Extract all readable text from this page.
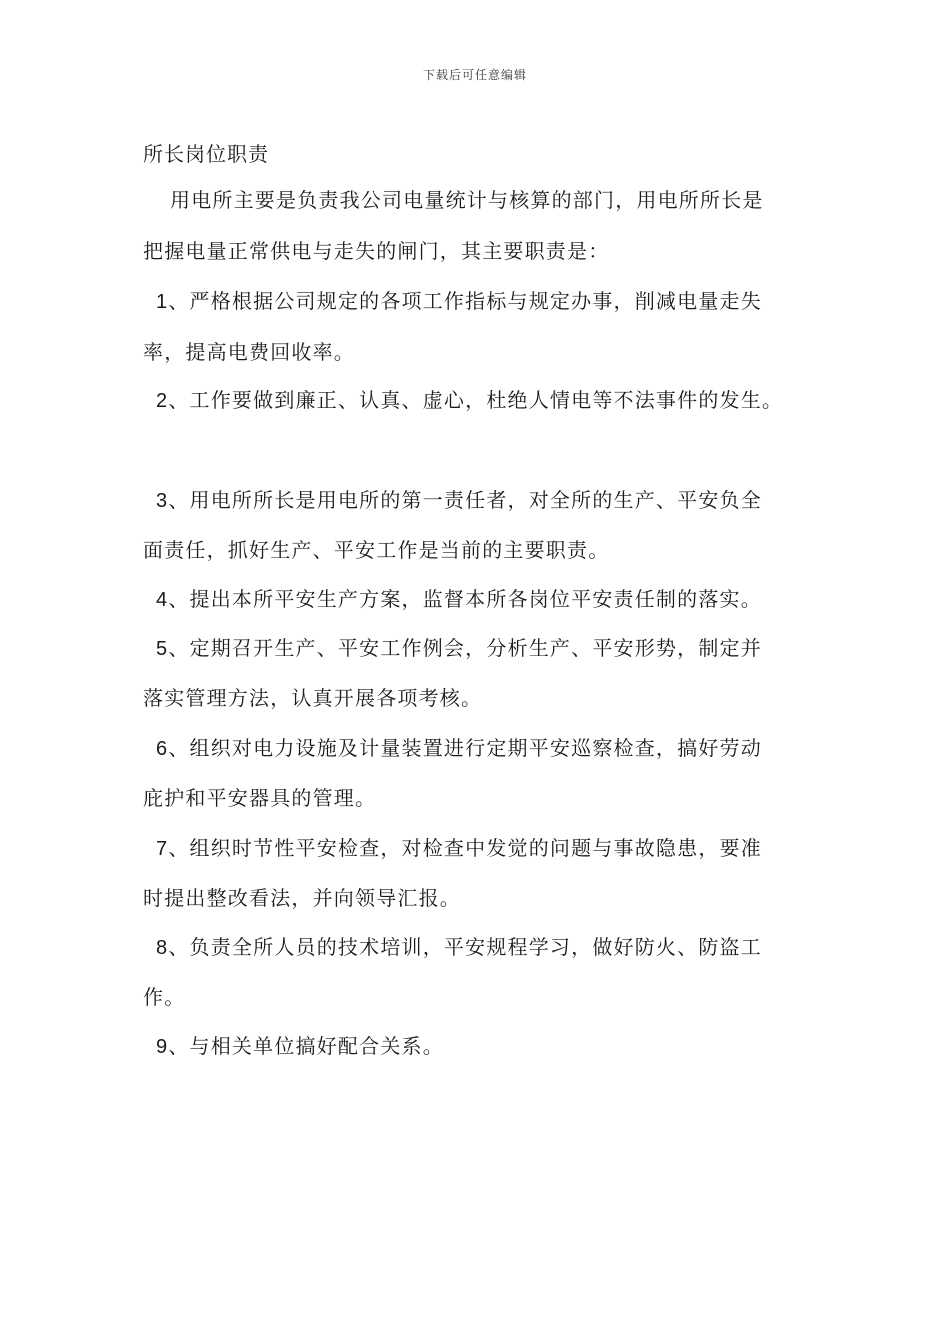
下载后可任意编辑
所长岗位职责
用电所主要是负责我公司电量统计与核算的部门，用电所所长是
把握电量正常供电与走失的闸门，其主要职责是：
1、严格根据公司规定的各项工作指标与规定办事，削减电量走失
率，提高电费回收率。
2、工作要做到廉正、认真、虚心，杜绝人情电等不法事件的发生。
3、用电所所长是用电所的第一责任者，对全所的生产、平安负全
面责任，抓好生产、平安工作是当前的主要职责。
4、提出本所平安生产方案，监督本所各岗位平安责任制的落实。
5、定期召开生产、平安工作例会，分析生产、平安形势，制定并
落实管理方法，认真开展各项考核。
6、组织对电力设施及计量装置进行定期平安巡察检查，搞好劳动
庇护和平安器具的管理。
7、组织时节性平安检查，对检查中发觉的问题与事故隐患，要准
时提出整改看法，并向领导汇报。
8、负责全所人员的技术培训，平安规程学习，做好防火、防盗工
作。
9、与相关单位搞好配合关系。
